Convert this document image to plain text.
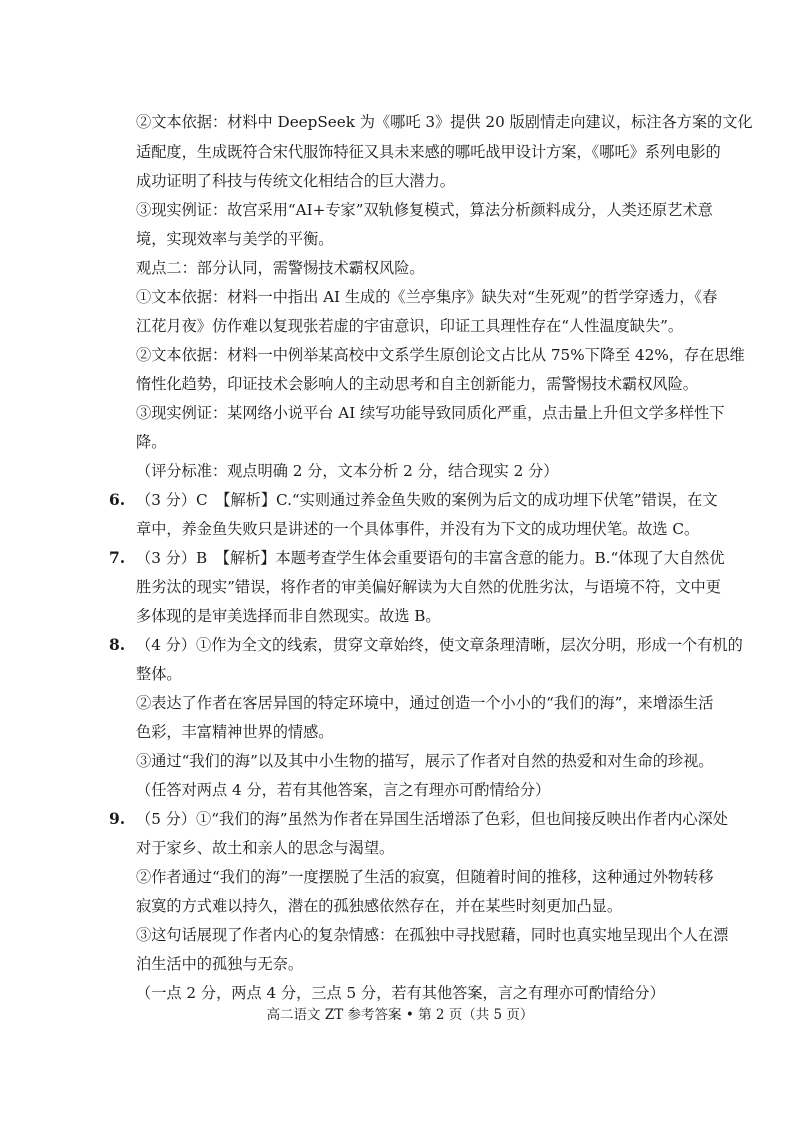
②文本依据：材料中 DeepSeek 为《哪吒 3》提供 20 版剧情走向建议，标注各方案的文化
适配度，生成既符合宋代服饰特征又具未来感的哪吒战甲设计方案，《哪吒》系列电影的
成功证明了科技与传统文化相结合的巨大潜力。
③现实例证：故宫采用“AI+专家”双轨修复模式，算法分析颜料成分，人类还原艺术意
境，实现效率与美学的平衡。
观点二：部分认同，需警惕技术霸权风险。
①文本依据：材料一中指出 AI 生成的《兰亭集序》缺失对“生死观”的哲学穿透力，《春
江花月夜》仿作难以复现张若虚的宇宙意识，印证工具理性存在“人性温度缺失”。
②文本依据：材料一中例举某高校中文系学生原创论文占比从 75%下降至 42%，存在思维
惰性化趋势，印证技术会影响人的主动思考和自主创新能力，需警惕技术霸权风险。
③现实例证：某网络小说平台 AI 续写功能导致同质化严重，点击量上升但文学多样性下
降。
（评分标准：观点明确 2 分，文本分析 2 分，结合现实 2 分）
6. （3 分）C　【解析】C.“实则通过养金鱼失败的案例为后文的成功埋下伏笔”错误，在文
章中，养金鱼失败只是讲述的一个具体事件，并没有为下文的成功埋伏笔。故选 C。
7. （3 分）B　【解析】本题考查学生体会重要语句的丰富含意的能力。B.“体现了大自然优
胜劣汰的现实”错误，将作者的审美偏好解读为大自然的优胜劣汰，与语境不符，文中更
多体现的是审美选择而非自然现实。故选 B。
8. （4 分）①作为全文的线索，贯穿文章始终，使文章条理清晰，层次分明，形成一个有机的
整体。
②表达了作者在客居异国的特定环境中，通过创造一个小小的“我们的海”，来增添生活
色彩，丰富精神世界的情感。
③通过“我们的海”以及其中小生物的描写，展示了作者对自然的热爱和对生命的珍视。
（任答对两点 4 分，若有其他答案，言之有理亦可酌情给分）
9. （5 分）①“我们的海”虽然为作者在异国生活增添了色彩，但也间接反映出作者内心深处
对于家乡、故土和亲人的思念与渴望。
②作者通过“我们的海”一度摆脱了生活的寂寞，但随着时间的推移，这种通过外物转移
寂寞的方式难以持久，潜在的孤独感依然存在，并在某些时刻更加凸显。
③这句话展现了作者内心的复杂情感：在孤独中寻找慰藉，同时也真实地呈现出个人在漂
泊生活中的孤独与无奈。
（一点 2 分，两点 4 分，三点 5 分，若有其他答案，言之有理亦可酌情给分）
高二语文 ZT 参考答案 • 第 2 页（共 5 页）
